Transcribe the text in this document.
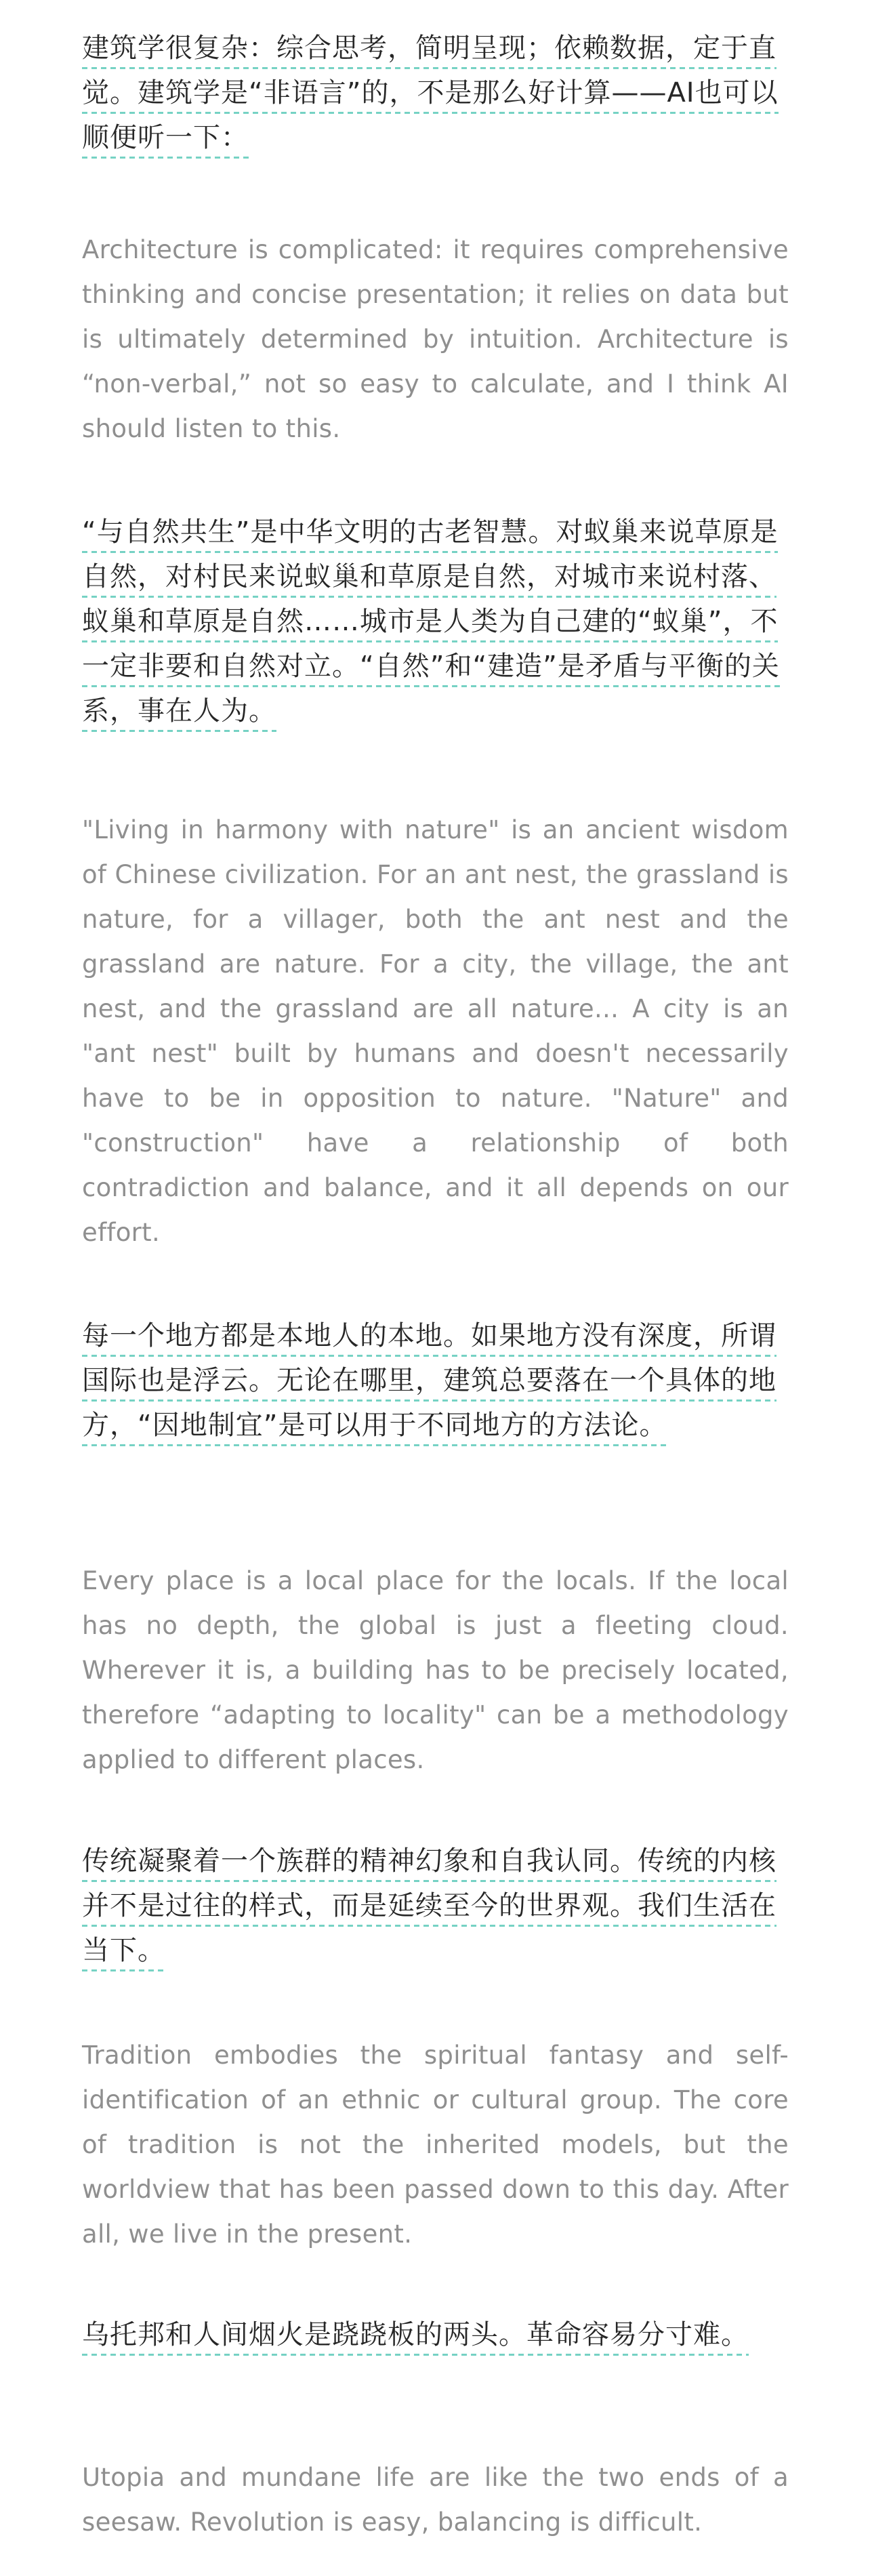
建筑学很复杂：综合思考，简明呈现；依赖数据，定于直觉。建筑学是“非语言”的，不是那么好计算——AI也可以顺便听一下：

Architecture is complicated: it requires comprehensive thinking and concise presentation; it relies on data but is ultimately determined by intuition. Architecture is “non-verbal,” not so easy to calculate, and I think AI should listen to this.

“与自然共生”是中华文明的古老智慧。对蚁巢来说草原是自然，对村民来说蚁巢和草原是自然，对城市来说村落、蚁巢和草原是自然……城市是人类为自己建的“蚁巢”，不一定非要和自然对立。“自然”和“建造”是矛盾与平衡的关系，事在人为。

"Living in harmony with nature" is an ancient wisdom of Chinese civilization. For an ant nest, the grassland is nature, for a villager, both the ant nest and the grassland are nature. For a city, the village, the ant nest, and the grassland are all nature... A city is an "ant nest" built by humans and doesn't necessarily have to be in opposition to nature. "Nature" and "construction" have a relationship of both contradiction and balance, and it all depends on our effort.

每一个地方都是本地人的本地。如果地方没有深度，所谓国际也是浮云。无论在哪里，建筑总要落在一个具体的地方，“因地制宜”是可以用于不同地方的方法论。

Every place is a local place for the locals. If the local has no depth, the global is just a fleeting cloud. Wherever it is, a building has to be precisely located, therefore “adapting to locality" can be a methodology applied to different places.

传统凝聚着一个族群的精神幻象和自我认同。传统的内核并不是过往的样式，而是延续至今的世界观。我们生活在当下。

Tradition embodies the spiritual fantasy and self-identification of an ethnic or cultural group. The core of tradition is not the inherited models, but the worldview that has been passed down to this day. After all, we live in the present.

乌托邦和人间烟火是跷跷板的两头。革命容易分寸难。

Utopia and mundane life are like the two ends of a seesaw. Revolution is easy, balancing is difficult.
